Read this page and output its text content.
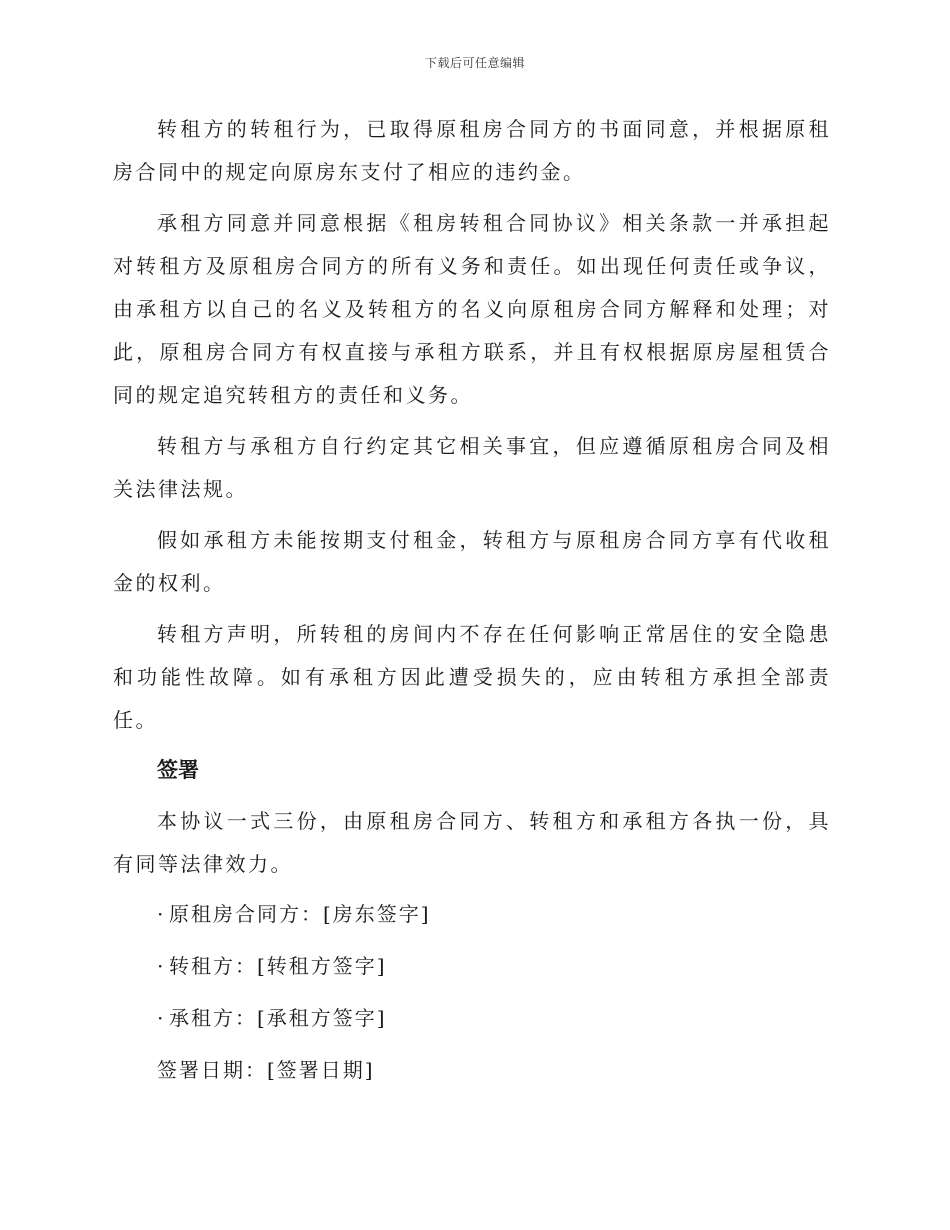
下载后可任意编辑

转租方的转租行为，已取得原租房合同方的书面同意，并根据原租房合同中的规定向原房东支付了相应的违约金。

承租方同意并同意根据《租房转租合同协议》相关条款一并承担起对转租方及原租房合同方的所有义务和责任。如出现任何责任或争议，由承租方以自己的名义及转租方的名义向原租房合同方解释和处理；对此，原租房合同方有权直接与承租方联系，并且有权根据原房屋租赁合同的规定追究转租方的责任和义务。

转租方与承租方自行约定其它相关事宜，但应遵循原租房合同及相关法律法规。

假如承租方未能按期支付租金，转租方与原租房合同方享有代收租金的权利。

转租方声明，所转租的房间内不存在任何影响正常居住的安全隐患和功能性故障。如有承租方因此遭受损失的，应由转租方承担全部责任。

签署

本协议一式三份，由原租房合同方、转租方和承租方各执一份，具有同等法律效力。

· 原租房合同方：[房东签字]
· 转租方：[转租方签字]
· 承租方：[承租方签字]
签署日期：[签署日期]
